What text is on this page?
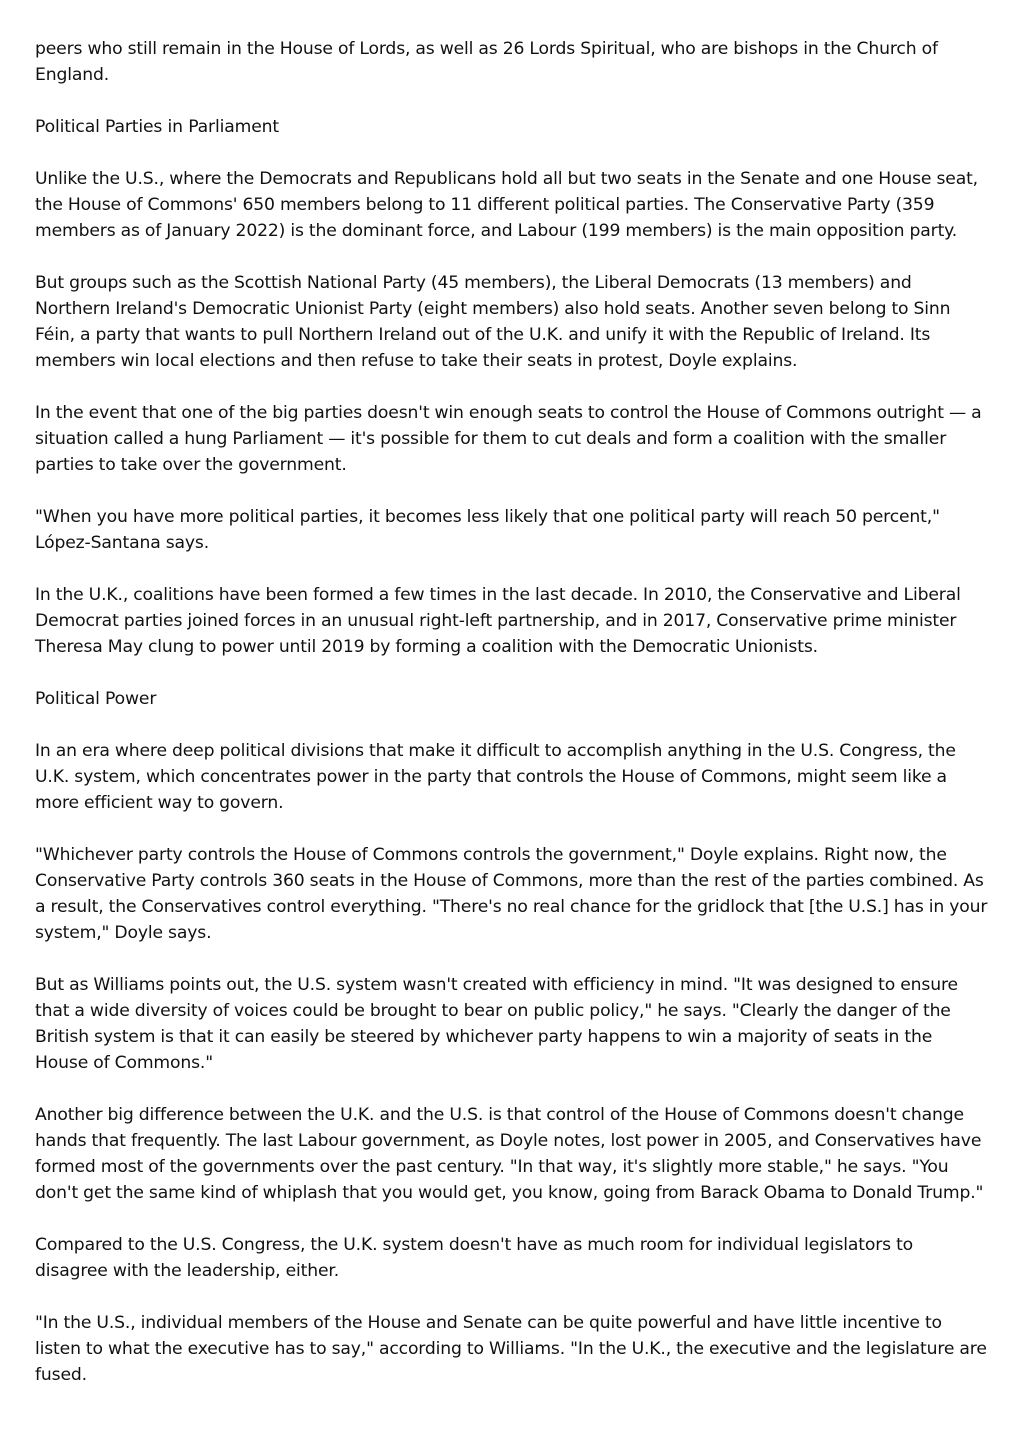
peers who still remain in the House of Lords, as well as 26 Lords Spiritual, who are bishops in the Church of England.

Political Parties in Parliament

Unlike the U.S., where the Democrats and Republicans hold all but two seats in the Senate and one House seat, the House of Commons' 650 members belong to 11 different political parties. The Conservative Party (359 members as of January 2022) is the dominant force, and Labour (199 members) is the main opposition party.

But groups such as the Scottish National Party (45 members), the Liberal Democrats (13 members) and Northern Ireland's Democratic Unionist Party (eight members) also hold seats. Another seven belong to Sinn Féin, a party that wants to pull Northern Ireland out of the U.K. and unify it with the Republic of Ireland. Its members win local elections and then refuse to take their seats in protest, Doyle explains.

In the event that one of the big parties doesn't win enough seats to control the House of Commons outright — a situation called a hung Parliament — it's possible for them to cut deals and form a coalition with the smaller parties to take over the government.

"When you have more political parties, it becomes less likely that one political party will reach 50 percent," López-Santana says.

In the U.K., coalitions have been formed a few times in the last decade. In 2010, the Conservative and Liberal Democrat parties joined forces in an unusual right-left partnership, and in 2017, Conservative prime minister Theresa May clung to power until 2019 by forming a coalition with the Democratic Unionists.

Political Power

In an era where deep political divisions that make it difficult to accomplish anything in the U.S. Congress, the U.K. system, which concentrates power in the party that controls the House of Commons, might seem like a more efficient way to govern.

"Whichever party controls the House of Commons controls the government," Doyle explains. Right now, the Conservative Party controls 360 seats in the House of Commons, more than the rest of the parties combined. As a result, the Conservatives control everything. "There's no real chance for the gridlock that [the U.S.] has in your system," Doyle says.

But as Williams points out, the U.S. system wasn't created with efficiency in mind. "It was designed to ensure that a wide diversity of voices could be brought to bear on public policy," he says. "Clearly the danger of the British system is that it can easily be steered by whichever party happens to win a majority of seats in the House of Commons."

Another big difference between the U.K. and the U.S. is that control of the House of Commons doesn't change hands that frequently. The last Labour government, as Doyle notes, lost power in 2005, and Conservatives have formed most of the governments over the past century. "In that way, it's slightly more stable," he says. "You don't get the same kind of whiplash that you would get, you know, going from Barack Obama to Donald Trump."

Compared to the U.S. Congress, the U.K. system doesn't have as much room for individual legislators to disagree with the leadership, either.

"In the U.S., individual members of the House and Senate can be quite powerful and have little incentive to listen to what the executive has to say," according to Williams. "In the U.K., the executive and the legislature are fused.
